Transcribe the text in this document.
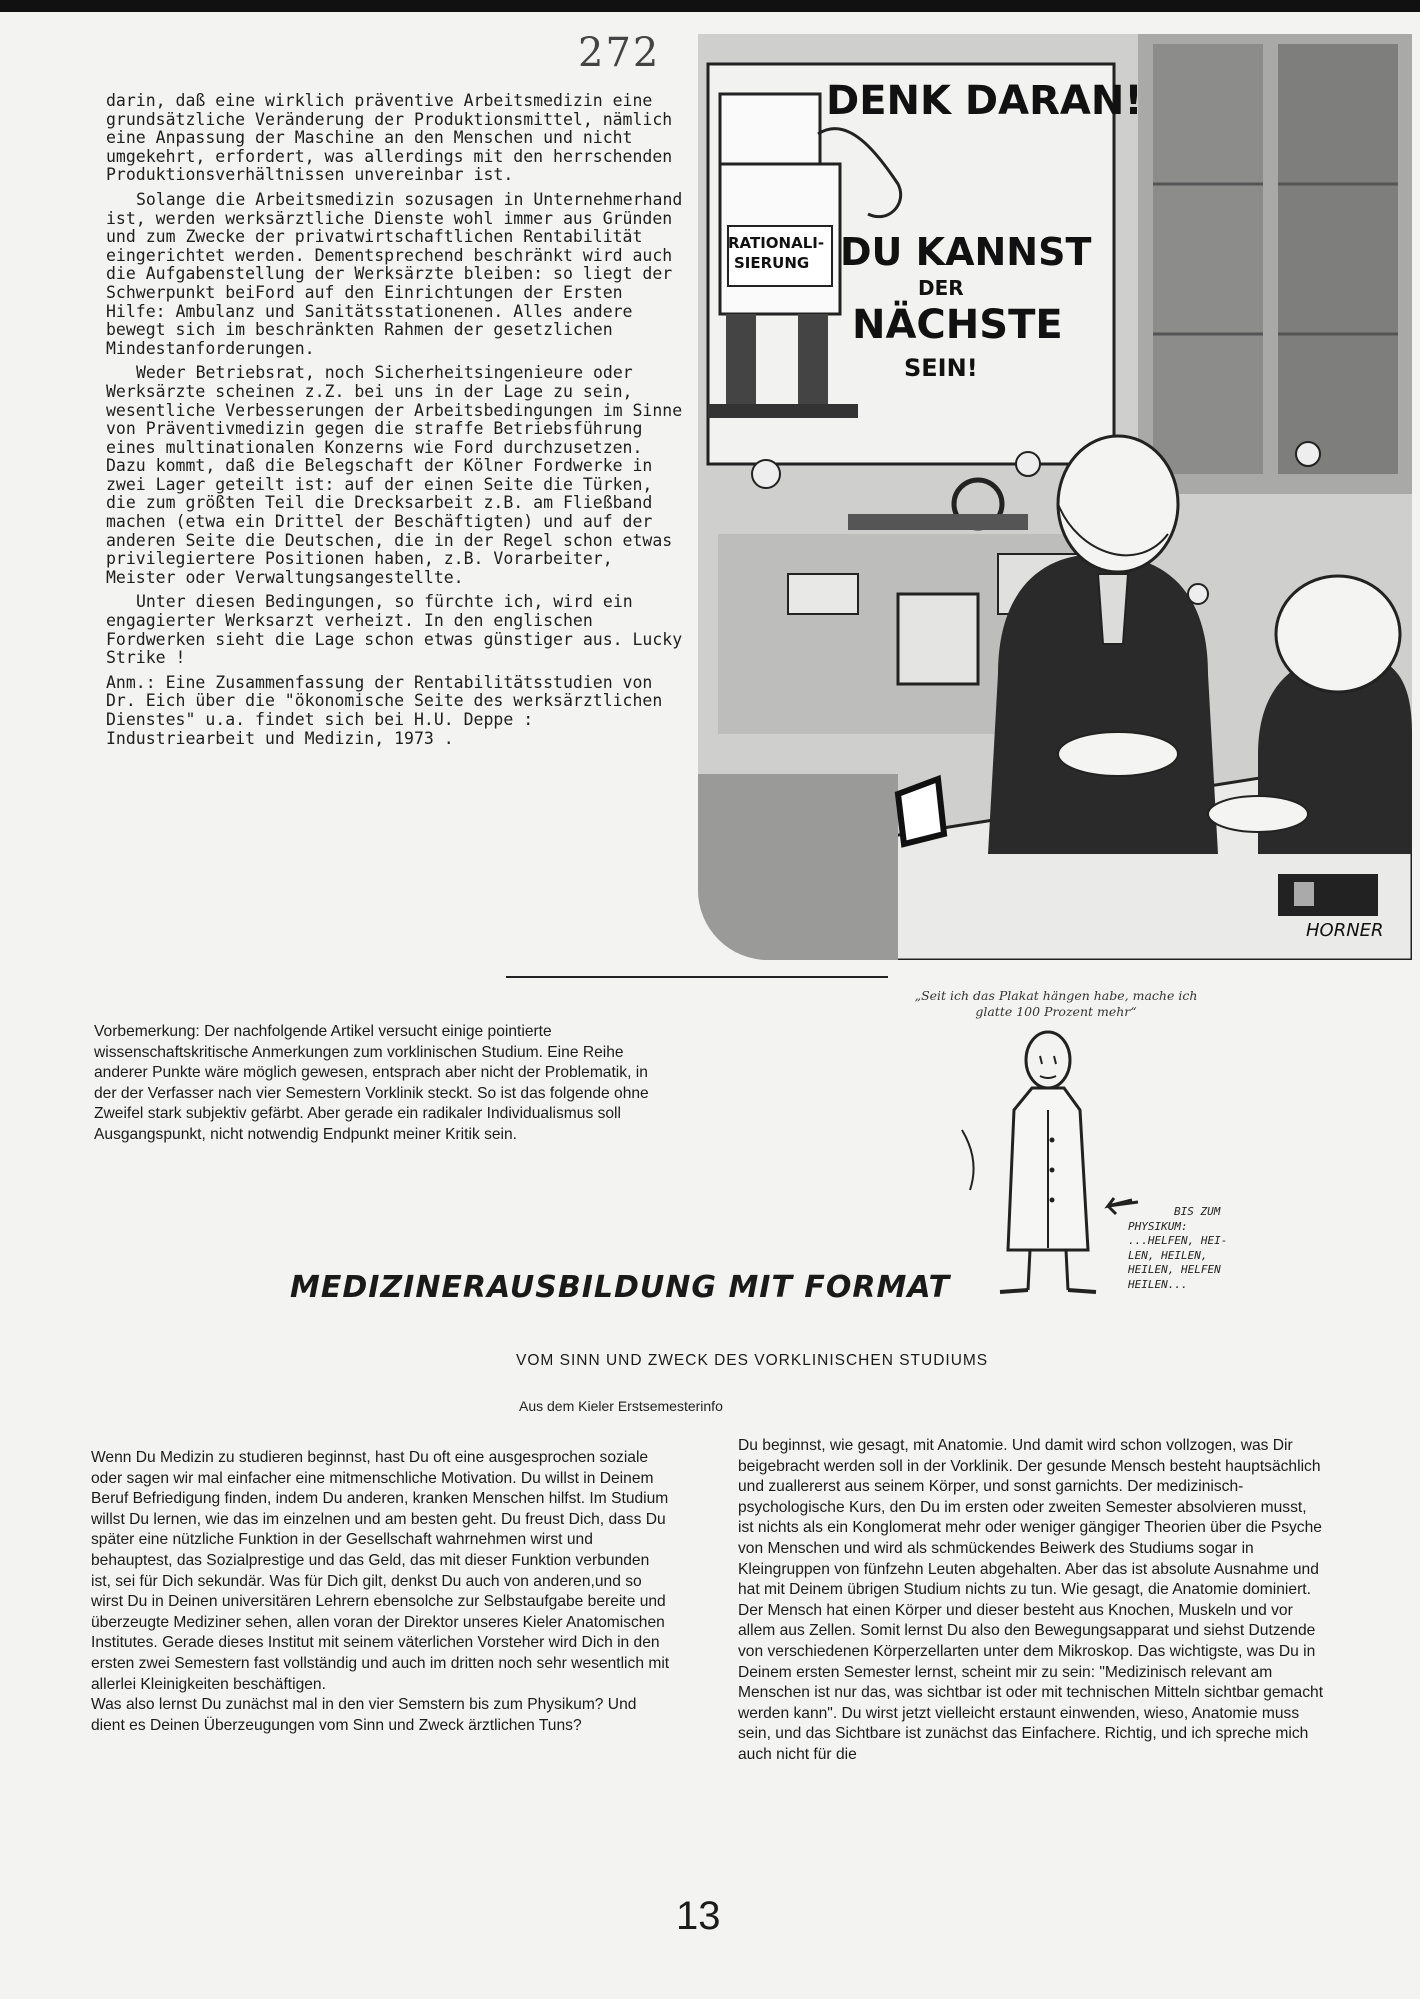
272

darin, daß eine wirklich präventive Arbeitsmedizin eine grundsätzliche Veränderung der Produktionsmittel, nämlich eine Anpassung der Maschine an den Menschen und nicht umgekehrt, erfordert, was allerdings mit den herrschenden Produktionsverhältnissen unvereinbar ist.

Solange die Arbeitsmedizin sozusagen in Unternehmerhand ist, werden werksärztliche Dienste wohl immer aus Gründen und zum Zwecke der privatwirtschaftlichen Rentabilität eingerichtet werden. Dementsprechend beschränkt wird auch die Aufgabenstellung der Werksärzte bleiben: so liegt der Schwerpunkt beiFord auf den Einrichtungen der Ersten Hilfe: Ambulanz und Sanitätsstationenen. Alles andere bewegt sich im beschränkten Rahmen der gesetzlichen Mindestanforderungen.

Weder Betriebsrat, noch Sicherheitsingenieure oder Werksärzte scheinen z.Z. bei uns in der Lage zu sein, wesentliche Verbesserungen der Arbeitsbedingungen im Sinne von Präventivmedizin gegen die straffe Betriebsführung eines multinationalen Konzerns wie Ford durchzusetzen. Dazu kommt, daß die Belegschaft der Kölner Fordwerke in zwei Lager geteilt ist: auf der einen Seite die Türken, die zum größten Teil die Drecksarbeit z.B. am Fließband machen (etwa ein Drittel der Beschäftigten) und auf der anderen Seite die Deutschen, die in der Regel schon etwas privilegiertere Positionen haben, z.B. Vorarbeiter, Meister oder Verwaltungsangestellte.

Unter diesen Bedingungen, so fürchte ich, wird ein engagierter Werksarzt verheizt. In den englischen Fordwerken sieht die Lage schon etwas günstiger aus. Lucky Strike !

Anm.: Eine Zusammenfassung der Rentabilitätsstudien von Dr. Eich über die "ökonomische Seite des werksärztlichen Dienstes" u.a. findet sich bei H.U. Deppe : Industriearbeit und Medizin, 1973 .

DENK DARAN!
RATIONALI-
SIERUNG DU KANNST
DER
NÄCHSTE
SEIN!
HORNER
„Seit ich das Plakat hängen habe, mache ich glatte 100 Prozent mehr“

Vorbemerkung: Der nachfolgende Artikel versucht einige pointierte wissenschaftskritische Anmerkungen zum vorklinischen Studium. Eine Reihe anderer Punkte wäre möglich gewesen, entsprach aber nicht der Problematik, in der der Verfasser nach vier Semestern Vorklinik steckt. So ist das folgende ohne Zweifel stark subjektiv gefärbt. Aber gerade ein radikaler Individualismus soll Ausgangspunkt, nicht notwendig Endpunkt meiner Kritik sein.

BIS ZUM
PHYSIKUM:
...HELFEN, HEI-
LEN, HEILEN,
HEILEN, HELFEN
HEILEN...
MEDIZINERAUSBILDUNG MIT FORMAT
VOM SINN UND ZWECK DES VORKLINISCHEN STUDIUMS
Aus dem Kieler Erstsemesterinfo
Wenn Du Medizin zu studieren beginnst, hast Du oft eine ausgesprochen soziale oder sagen wir mal einfacher eine mitmenschliche Motivation. Du willst in Deinem Beruf Befriedigung finden, indem Du anderen, kranken Menschen hilfst. Im Studium willst Du lernen, wie das im einzelnen und am besten geht. Du freust Dich, dass Du später eine nützliche Funktion in der Gesellschaft wahrnehmen wirst und behauptest, das Sozialprestige und das Geld, das mit dieser Funktion verbunden ist, sei für Dich sekundär. Was für Dich gilt, denkst Du auch von anderen,und so wirst Du in Deinen universitären Lehrern ebensolche zur Selbstaufgabe bereite und überzeugte Mediziner sehen, allen voran der Direktor unseres Kieler Anatomischen Institutes. Gerade dieses Institut mit seinem väterlichen Vorsteher wird Dich in den ersten zwei Semestern fast vollständig und auch im dritten noch sehr wesentlich mit allerlei Kleinigkeiten beschäftigen.
Was also lernst Du zunächst mal in den vier Semstern bis zum Physikum? Und dient es Deinen Überzeugungen vom Sinn und Zweck ärztlichen Tuns?
Du beginnst, wie gesagt, mit Anatomie. Und damit wird schon vollzogen, was Dir beigebracht werden soll in der Vorklinik. Der gesunde Mensch besteht hauptsächlich und zuallererst aus seinem Körper, und sonst garnichts. Der medizinisch-psychologische Kurs, den Du im ersten oder zweiten Semester absolvieren musst, ist nichts als ein Konglomerat mehr oder weniger gängiger Theorien über die Psyche von Menschen und wird als schmückendes Beiwerk des Studiums sogar in Kleingruppen von fünfzehn Leuten abgehalten. Aber das ist absolute Ausnahme und hat mit Deinem übrigen Studium nichts zu tun. Wie gesagt, die Anatomie dominiert. Der Mensch hat einen Körper und dieser besteht aus Knochen, Muskeln und vor allem aus Zellen. Somit lernst Du also den Bewegungsapparat und siehst Dutzende von verschiedenen Körperzellarten unter dem Mikroskop. Das wichtigste, was Du in Deinem ersten Semester lernst, scheint mir zu sein: "Medizinisch relevant am Menschen ist nur das, was sichtbar ist oder mit technischen Mitteln sichtbar gemacht werden kann". Du wirst jetzt vielleicht erstaunt einwenden, wieso, Anatomie muss sein, und das Sichtbare ist zunächst das Einfachere. Richtig, und ich spreche mich auch nicht für die
13
